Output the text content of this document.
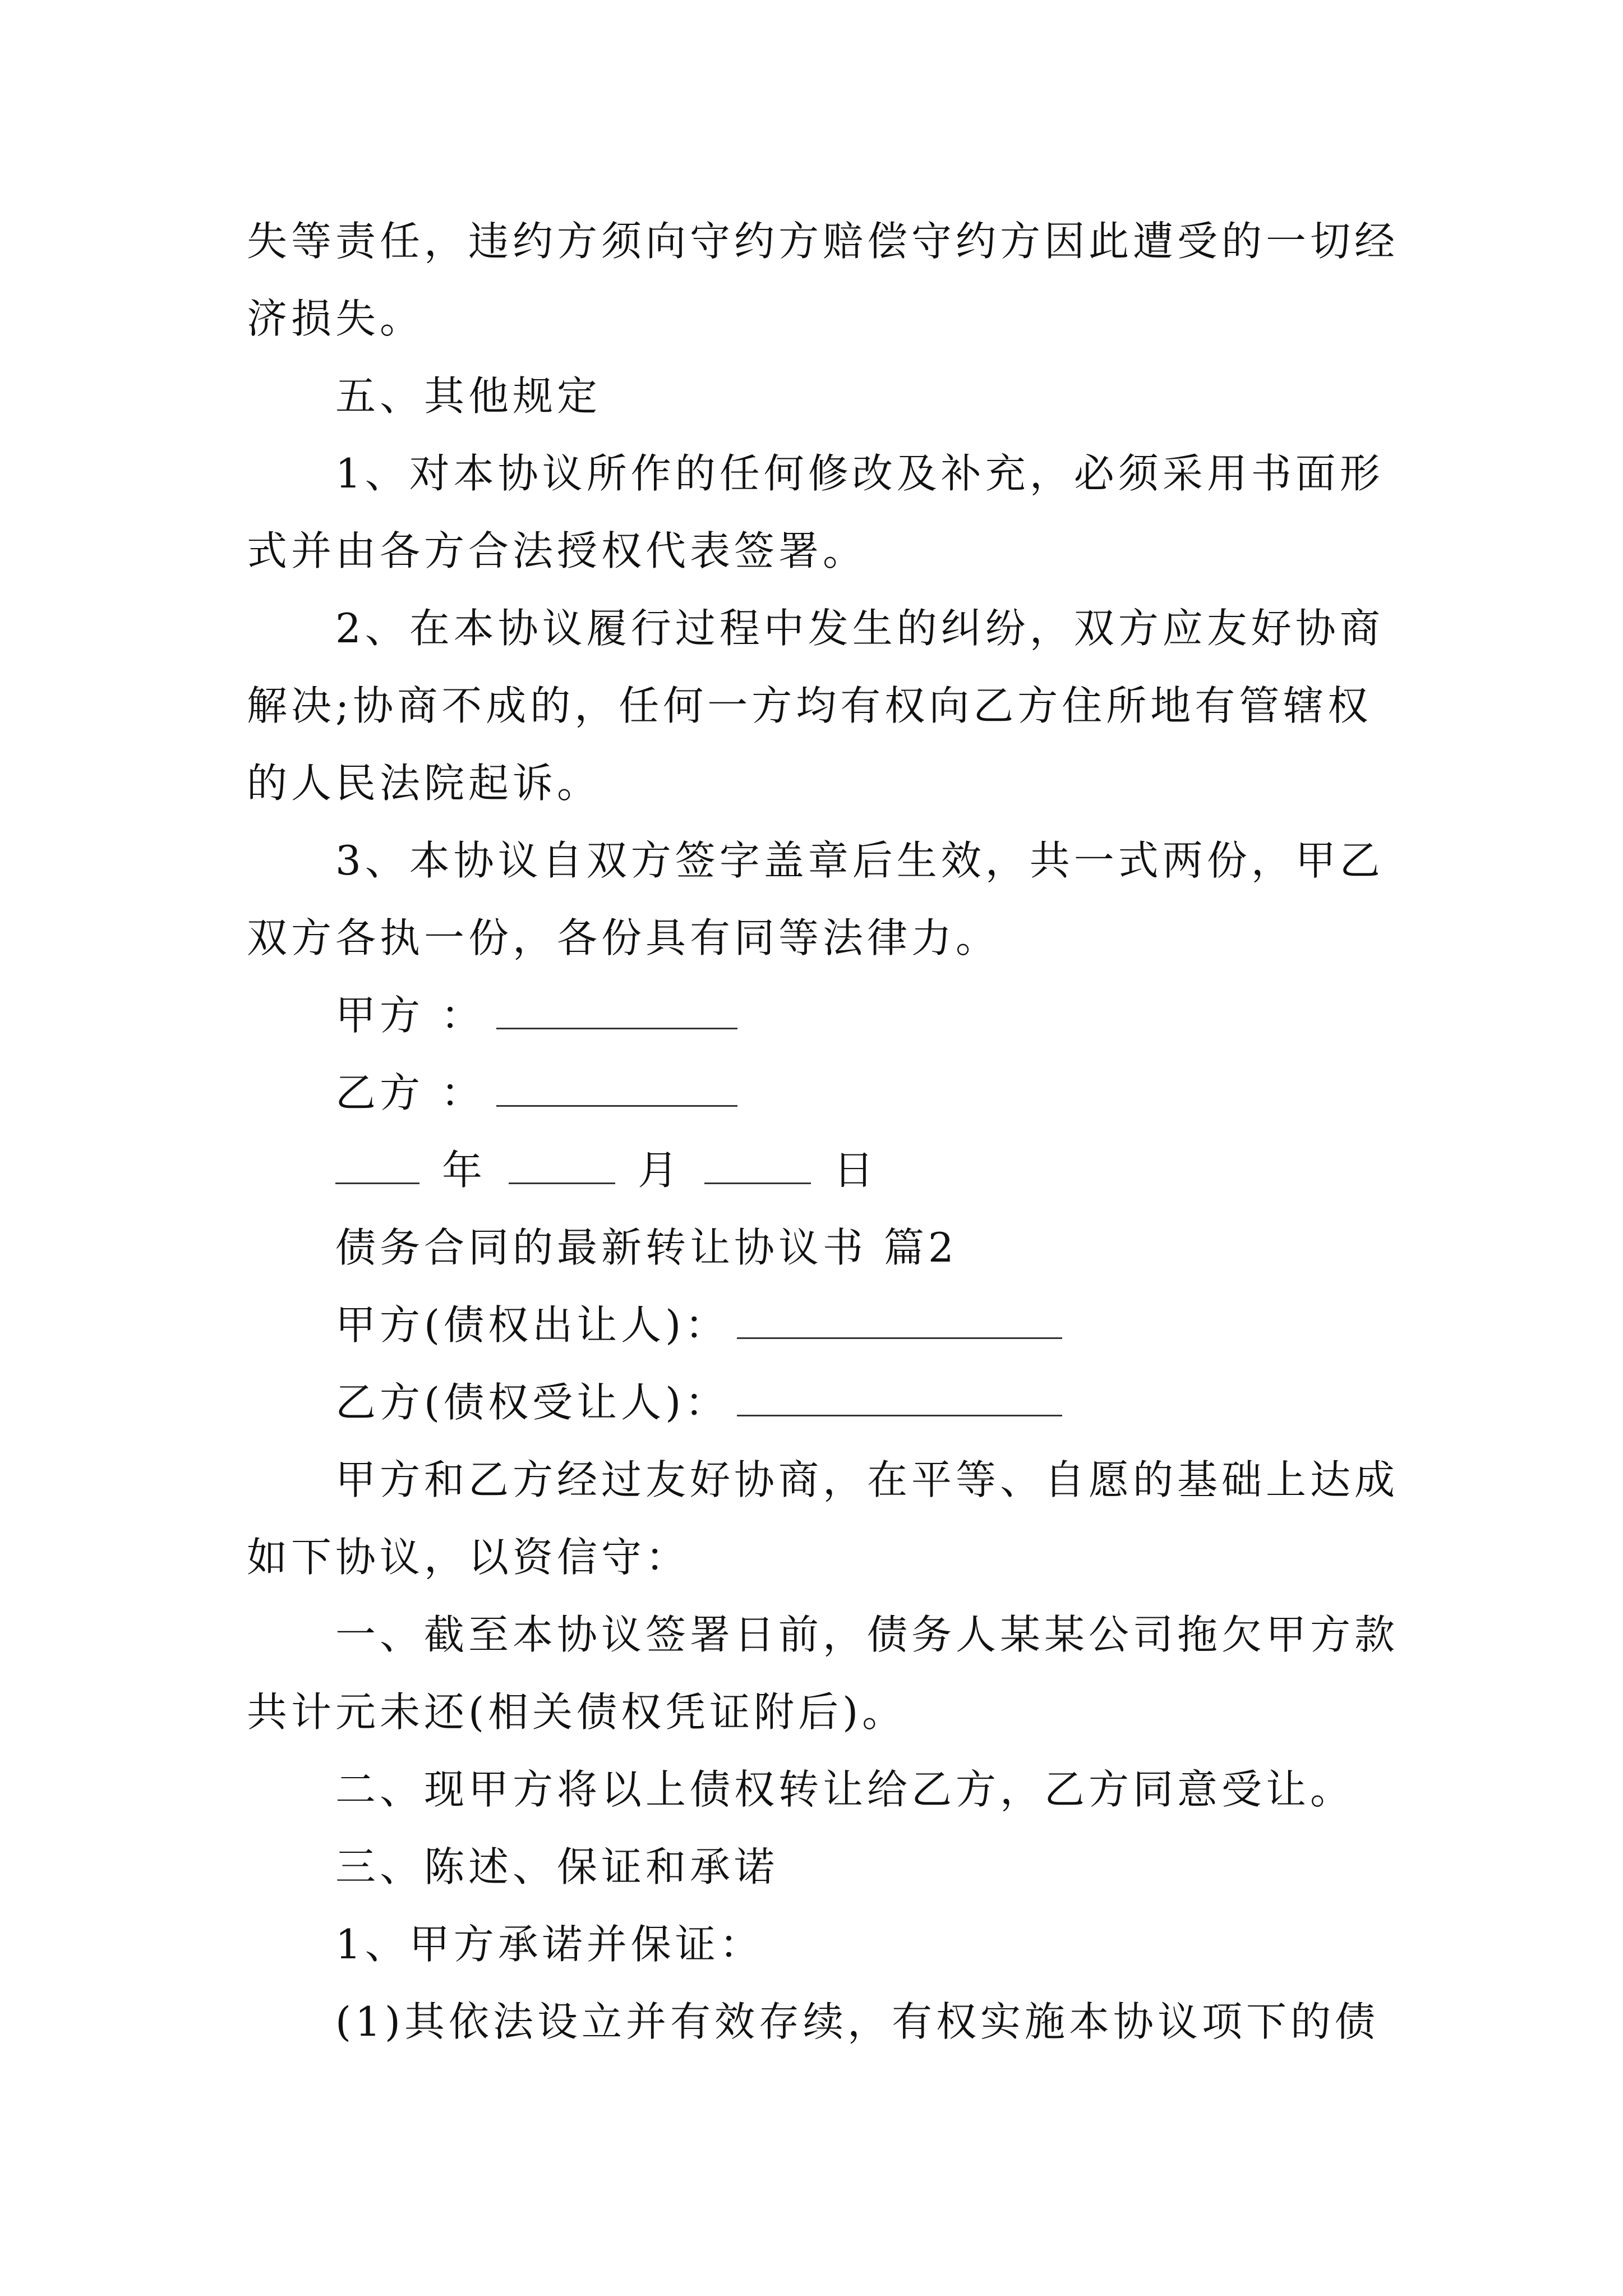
失等责任，违约方须向守约方赔偿守约方因此遭受的一切经
济损失。
五、其他规定
1、对本协议所作的任何修改及补充，必须采用书面形
式并由各方合法授权代表签署。
2、在本协议履行过程中发生的纠纷，双方应友好协商
解决;协商不成的，任何一方均有权向乙方住所地有管辖权
的人民法院起诉。
3、本协议自双方签字盖章后生效，共一式两份，甲乙
双方各执一份，各份具有同等法律力。
甲方 ：
乙方 ：
年	月	日
债务合同的最新转让协议书 篇2
甲方(债权出让人)：
乙方(债权受让人)：
甲方和乙方经过友好协商，在平等、自愿的基础上达成
如下协议，以资信守：
一、截至本协议签署日前，债务人某某公司拖欠甲方款
共计元未还(相关债权凭证附后)。
二、现甲方将以上债权转让给乙方，乙方同意受让。
三、陈述、保证和承诺
1、甲方承诺并保证：
(1)其依法设立并有效存续，有权实施本协议项下的债
